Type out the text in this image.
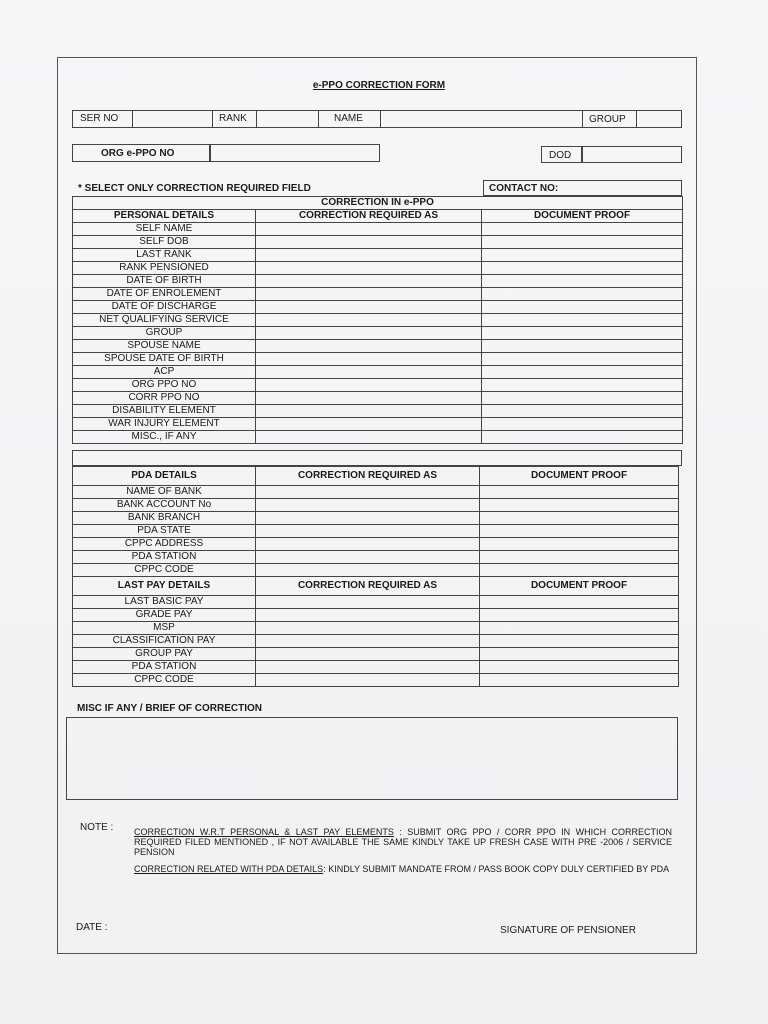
e-PPO CORRECTION FORM
SER NO	RANK	NAME	GROUP
ORG e-PPO NO	DOD
* SELECT ONLY CORRECTION REQUIRED FIELD	CONTACT NO:
CORRECTION IN e-PPO		
PERSONAL DETAILS	CORRECTION REQUIRED AS	DOCUMENT PROOF
SELF NAME		
SELF DOB		
LAST RANK		
RANK PENSIONED		
DATE OF BIRTH		
DATE OF ENROLEMENT		
DATE OF DISCHARGE		
NET QUALIFYING SERVICE		
GROUP		
SPOUSE NAME		
SPOUSE DATE OF BIRTH		
ACP		
ORG PPO NO		
CORR PPO NO		
DISABILITY ELEMENT		
WAR INJURY ELEMENT		
MISC., IF ANY		
PDA DETAILS	CORRECTION REQUIRED AS	DOCUMENT PROOF
NAME OF BANK		
BANK ACCOUNT No		
BANK BRANCH		
PDA STATE		
CPPC ADDRESS		
PDA STATION		
CPPC CODE		
LAST PAY DETAILS	CORRECTION REQUIRED AS	DOCUMENT PROOF
LAST BASIC PAY		
GRADE PAY		
MSP		
CLASSIFICATION PAY		
GROUP PAY		
PDA STATION		
CPPC CODE		
MISC IF ANY / BRIEF OF CORRECTION
NOTE : CORRECTION W.R.T PERSONAL & LAST PAY ELEMENTS : SUBMIT ORG PPO / CORR PPO IN WHICH CORRECTION REQUIRED FILED MENTIONED , IF NOT AVAILABLE THE SAME KINDLY TAKE UP FRESH CASE WITH PRE -2006 / SERVICE PENSION
CORRECTION RELATED WITH PDA DETAILS: KINDLY SUBMIT MANDATE FROM / PASS BOOK COPY DULY CERTIFIED BY PDA
DATE :	SIGNATURE OF PENSIONER
